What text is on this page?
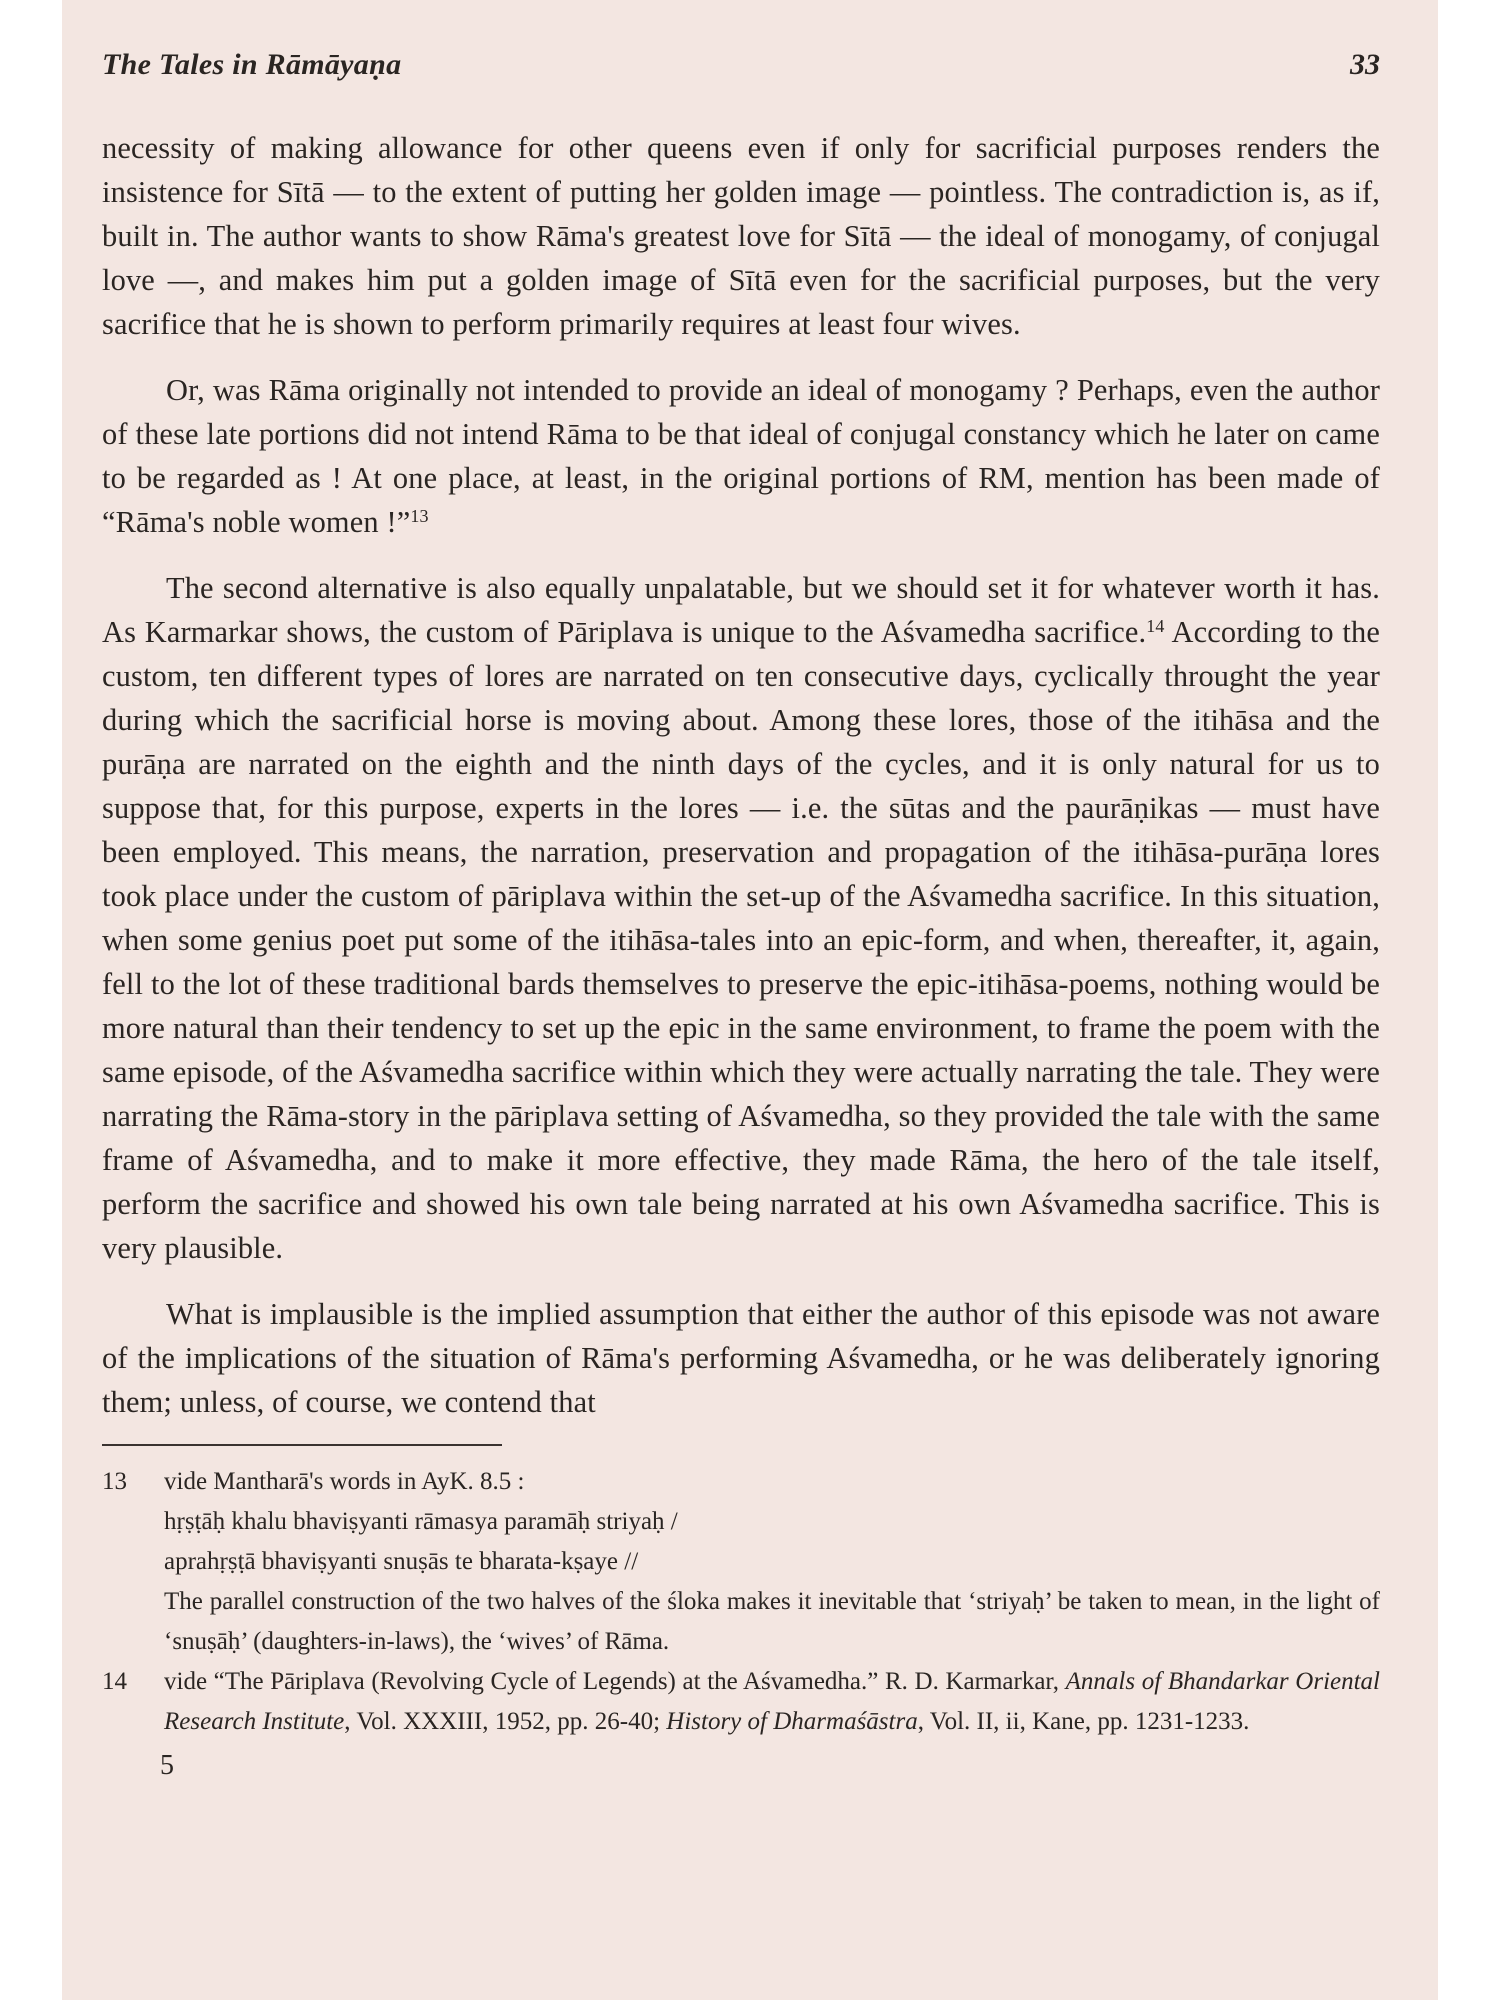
The Tales in Rāmāyaṇa	33

necessity of making allowance for other queens even if only for sacrificial purposes renders the insistence for Sītā — to the extent of putting her golden image — pointless. The contradiction is, as if, built in. The author wants to show Rāma's greatest love for Sītā — the ideal of monogamy, of conjugal love —, and makes him put a golden image of Sītā even for the sacrificial purposes, but the very sacrifice that he is shown to perform primarily requires at least four wives.

Or, was Rāma originally not intended to provide an ideal of monogamy ? Perhaps, even the author of these late portions did not intend Rāma to be that ideal of conjugal constancy which he later on came to be regarded as ! At one place, at least, in the original portions of RM, mention has been made of “Rāma's noble women !”$^{13}$

The second alternative is also equally unpalatable, but we should set it for whatever worth it has. As Karmarkar shows, the custom of Pāriplava is unique to the Aśvamedha sacrifice.$^{14}$ According to the custom, ten different types of lores are narrated on ten consecutive days, cyclically throught the year during which the sacrificial horse is moving about. Among these lores, those of the itihāsa and the purāṇa are narrated on the eighth and the ninth days of the cycles, and it is only natural for us to suppose that, for this purpose, experts in the lores — i.e. the sūtas and the paurāṇikas — must have been employed. This means, the narration, preservation and propagation of the itihāsa-purāṇa lores took place under the custom of pāriplava within the set-up of the Aśvamedha sacrifice. In this situation, when some genius poet put some of the itihāsa-tales into an epic-form, and when, thereafter, it, again, fell to the lot of these traditional bards themselves to preserve the epic-itihāsa-poems, nothing would be more natural than their tendency to set up the epic in the same environment, to frame the poem with the same episode, of the Aśvamedha sacrifice within which they were actually narrating the tale. They were narrating the Rāma-story in the pāriplava setting of Aśvamedha, so they provided the tale with the same frame of Aśvamedha, and to make it more effective, they made Rāma, the hero of the tale itself, perform the sacrifice and showed his own tale being narrated at his own Aśvamedha sacrifice. This is very plausible.

What is implausible is the implied assumption that either the author of this episode was not aware of the implications of the situation of Rāma's performing Aśvamedha, or he was deliberately ignoring them; unless, of course, we contend that

13	vide Mantharā's words in AyK. 8.5 :
hṛṣṭāḥ khalu bhaviṣyanti rāmasya paramāḥ striyaḥ /
aprahṛṣṭā bhaviṣyanti snuṣās te bharata-kṣaye //
The parallel construction of the two halves of the śloka makes it inevitable that ‘striyaḥ’ be taken to mean, in the light of ‘snuṣāḥ’ (daughters-in-laws), the ‘wives’ of Rāma.
14	vide “The Pāriplava (Revolving Cycle of Legends) at the Aśvamedha.” R. D. Karmarkar, Annals of Bhandarkar Oriental Research Institute, Vol. XXXIII, 1952, pp. 26-40; History of Dharmaśāstra, Vol. II, ii, Kane, pp. 1231-1233.
5
